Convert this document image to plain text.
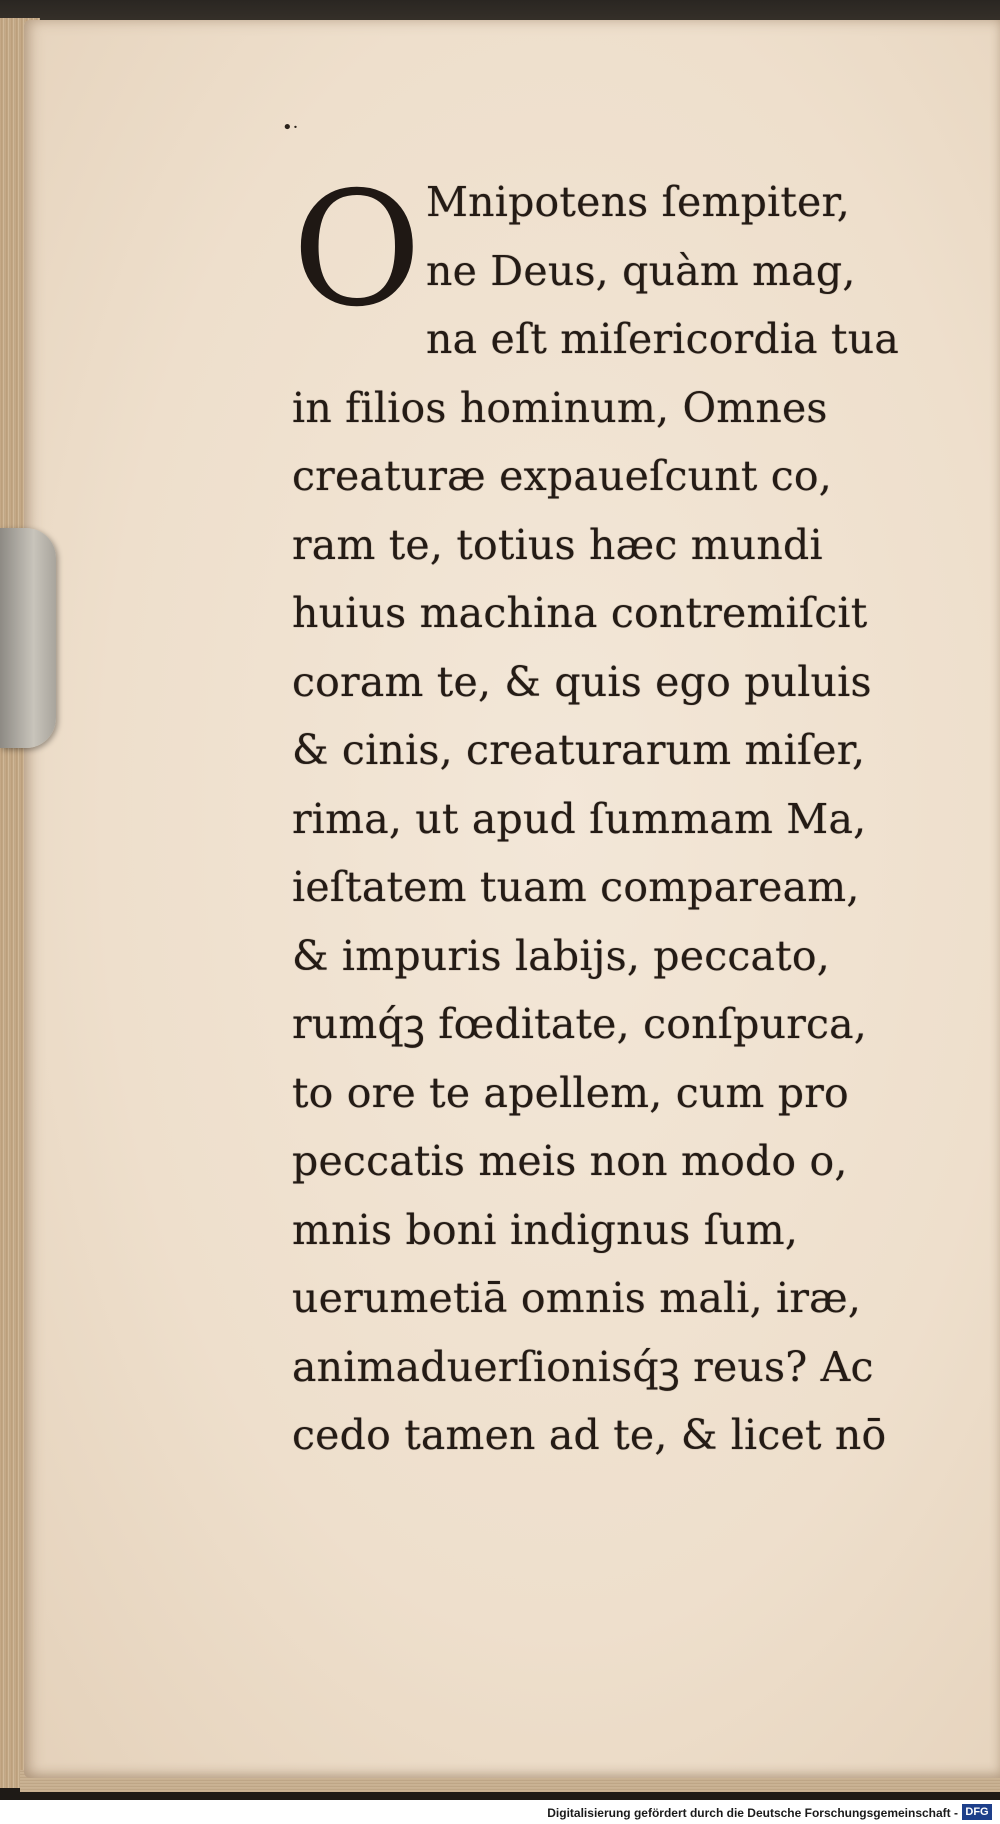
•·
O Mnipotens ſempiter,
ne Deus, quàm mag,
na eſt miſericordia tua
in filios hominum, Omnes
creaturæ expaueſcunt co,
ram te, totius hæc mundi
huius machina contremiſcit
coram te, & quis ego puluis
& cinis, creaturarum miſer,
rima, ut apud ſummam Ma,
ieſtatem tuam compaream,
& impuris labijs, peccato,
rumq́ꝫ fœditate, conſpurca,
to ore te apellem, cum pro
peccatis meis non modo o,
mnis boni indignus ſum,
uerumetiā omnis mali, iræ,
animaduerſionisq́ꝫ reus? Ac
cedo tamen ad te, & licet nō
Digitalisierung gefördert durch die Deutsche Forschungsgemeinschaft - DFG
